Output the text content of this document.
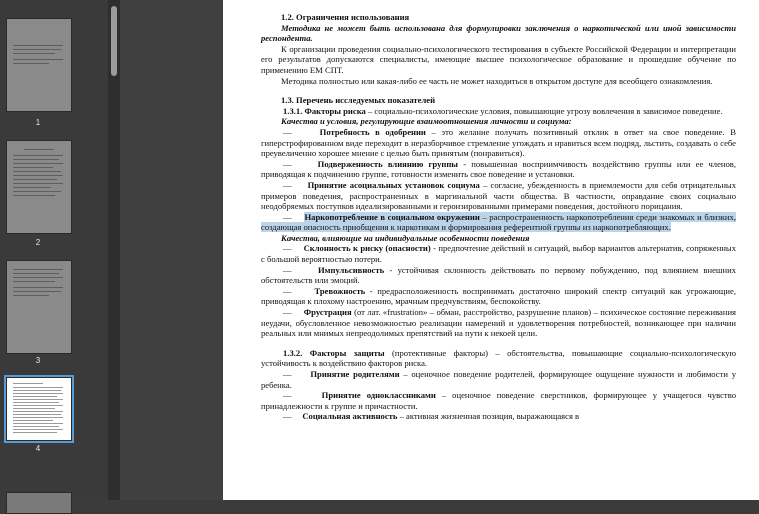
1
2
3
4

1.2. Ограничения использования

Методика не может быть использована для формулировки заключения о наркотической или иной зависимости респондента.

К организации проведения социально-психологического тестирования в субъекте Российской Федерации и интерпретации его результатов допускаются специалисты, имеющие высшее психологическое образование и прошедшие обучение по применению ЕМ СПТ.

Методика полностью или какая-либо ее часть не может находиться в открытом доступе для всеобщего ознакомления.

1.3. Перечень исследуемых показателей

1.3.1. Факторы риска – социально-психологические условия, повышающие угрозу вовлечения в зависимое поведение.

Качества и условия, регулирующие взаимоотношения личности и социума:

—	Потребность в одобрении – это желание получать позитивный отклик в ответ на свое поведение. В гиперстрофированном виде переходит в неразборчивое стремление угождать и нравиться всем подряд, льстить, создавать о себе преувеличенно хорошее мнение с целью быть принятым (понравиться).

—	Подверженность влиянию группы - повышенная восприимчивость воздействию группы или ее членов, приводящая к подчинению группе, готовности изменить свое поведение и установки.

— Принятие асоциальных установок социума – согласие, убежденность в приемлемости для себя отрицательных примеров поведения, распространенных в маргинальной части общества. В частности, оправдание своих социально неодобряемых поступков идеализированными и героизированными примерами поведения, достойного порицания.

— Наркопотребление в социальном окружении – распространенность наркопотребления среди знакомых и близких, создающая опасность приобщения к наркотикам и формирования референтной группы из наркопотребляющих.

Качества, влияющие на индивидуальные особенности поведения

— Склонность к риску (опасности) - предпочтение действий и ситуаций, выбор вариантов альтернатив, сопряженных с большой вероятностью потери.

—	Импульсивность - устойчивая склонность действовать по первому побуждению, под влиянием внешних обстоятельств или эмоций.

—	Тревожность - предрасположенность воспринимать достаточно широкий спектр ситуаций как угрожающие, приводящая к плохому настроению, мрачным предчувствиям, беспокойству.

— Фрустрация (от лат. «frustration» – обман, расстройство, разрушение планов) – психическое состояние переживания неудачи, обусловленное невозможностью реализации намерений и удовлетворения потребностей, возникающее при наличии реальных или мнимых непреодолимых препятствий на пути к некоей цели.

1.3.2. Факторы защиты (протективные факторы) – обстоятельства, повышающие социально-психологическую устойчивость к воздействию факторов риска.

— Принятие родителями – оценочное поведение родителей, формирующее ощущение нужности и любимости у ребенка.

—	Принятие одноклассниками – оценочное поведение сверстников, формирующее у учащегося чувство принадлежности к группе и причастности.

— Социальная активность – активная жизненная позиция, выражающаяся в
